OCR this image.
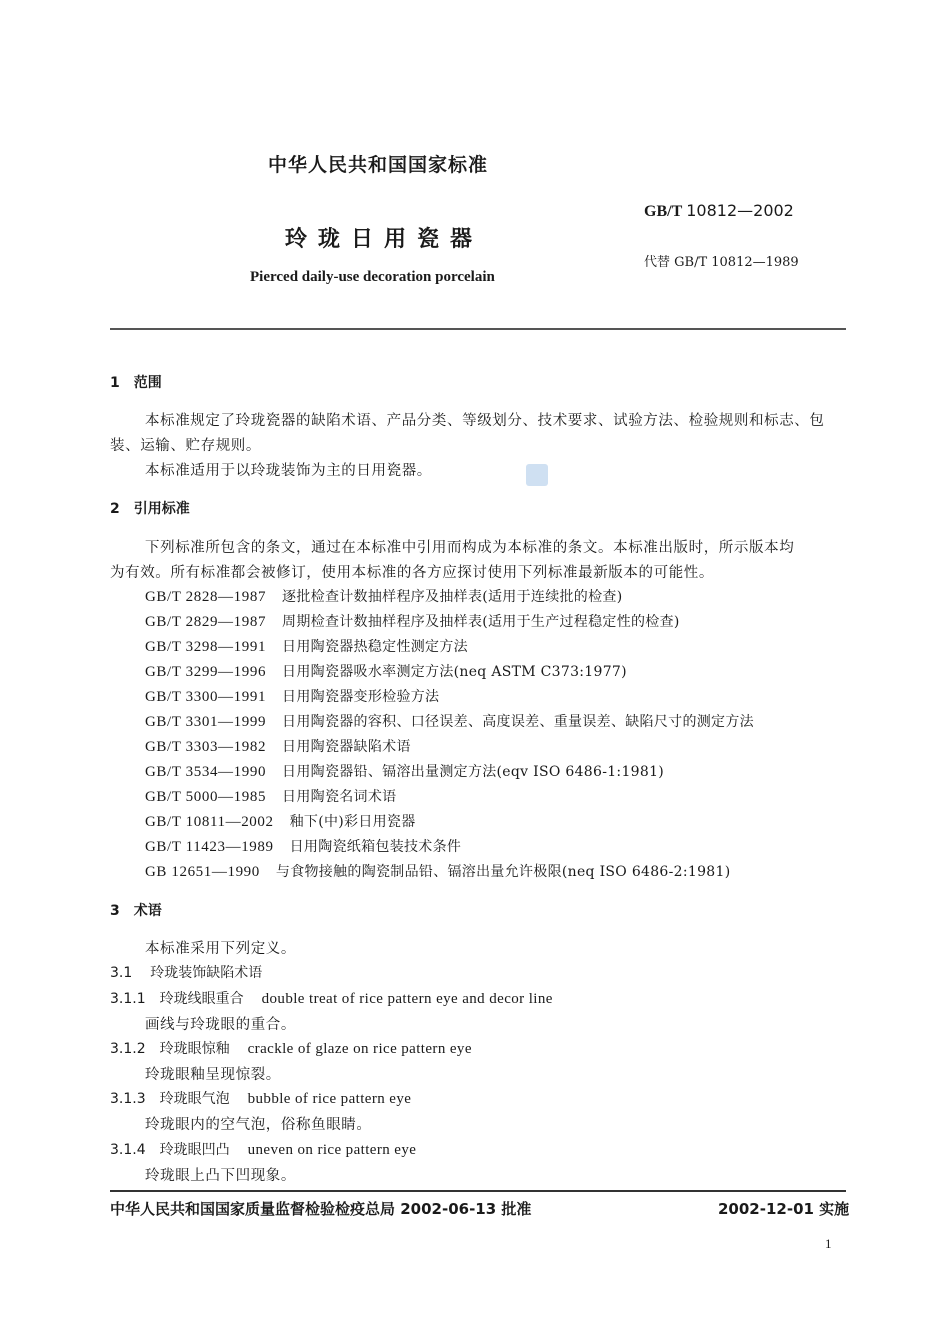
中华人民共和国国家标准
GB/T 10812—2002
玲珑日用瓷器
代替 GB/T 10812—1989
Pierced daily-use decoration porcelain
1　范围
本标准规定了玲珑瓷器的缺陷术语、产品分类、等级划分、技术要求、试验方法、检验规则和标志、包
装、运输、贮存规则。
本标准适用于以玲珑装饰为主的日用瓷器。
2　引用标准
下列标准所包含的条文，通过在本标准中引用而构成为本标准的条文。本标准出版时，所示版本均
为有效。所有标准都会被修订，使用本标准的各方应探讨使用下列标准最新版本的可能性。
GB/T 2828—1987 逐批检查计数抽样程序及抽样表(适用于连续批的检查)
GB/T 2829—1987 周期检查计数抽样程序及抽样表(适用于生产过程稳定性的检查)
GB/T 3298—1991 日用陶瓷器热稳定性测定方法
GB/T 3299—1996 日用陶瓷器吸水率测定方法(neq ASTM C373:1977)
GB/T 3300—1991 日用陶瓷器变形检验方法
GB/T 3301—1999 日用陶瓷器的容积、口径误差、高度误差、重量误差、缺陷尺寸的测定方法
GB/T 3303—1982 日用陶瓷器缺陷术语
GB/T 3534—1990 日用陶瓷器铅、镉溶出量测定方法(eqv ISO 6486-1:1981)
GB/T 5000—1985 日用陶瓷名词术语
GB/T 10811—2002 釉下(中)彩日用瓷器
GB/T 11423—1989 日用陶瓷纸箱包装技术条件
GB 12651—1990 与食物接触的陶瓷制品铅、镉溶出量允许极限(neq ISO 6486-2:1981)
3　术语
本标准采用下列定义。
3.1 玲珑装饰缺陷术语
3.1.1 玲珑线眼重合 double treat of rice pattern eye and decor line
画线与玲珑眼的重合。
3.1.2 玲珑眼惊釉 crackle of glaze on rice pattern eye
玲珑眼釉呈现惊裂。
3.1.3 玲珑眼气泡 bubble of rice pattern eye
玲珑眼内的空气泡，俗称鱼眼睛。
3.1.4 玲珑眼凹凸 uneven on rice pattern eye
玲珑眼上凸下凹现象。
中华人民共和国国家质量监督检验检疫总局 2002-06-13 批准	2002-12-01 实施
1
